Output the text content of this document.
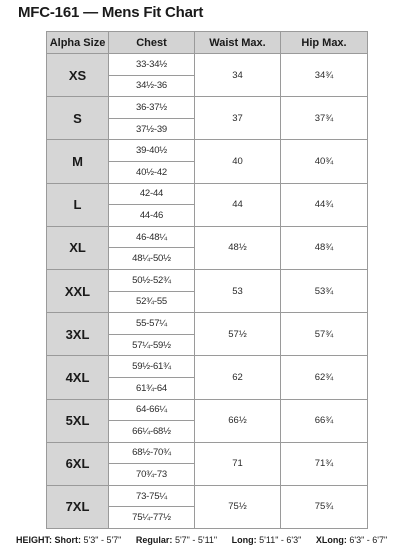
MFC-161 — Mens Fit Chart
Alpha Size	Chest	Waist Max.	Hip Max.
XS	33-34½	34	34¾
	34½-36		
S	36-37½	37	37¾
	37½-39		
M	39-40½	40	40¾
	40½-42		
L	42-44	44	44¾
	44-46		
XL	46-48¼	48½	48¾
	48¼-50½		
XXL	50½-52¾	53	53¾
	52¾-55		
3XL	55-57¼	57½	57¾
	57¼-59½		
4XL	59½-61¾	62	62¾
	61¾-64		
5XL	64-66¼	66½	66¾
	66¼-68½		
6XL	68½-70¾	71	71¾
	70¾-73		
7XL	73-75¼	75½	75¾
	75¼-77½		
HEIGHT: Short: 5'3" - 5'7" Regular: 5'7" - 5'11" Long: 5'11" - 6'3" XLong: 6'3" - 6'7"
